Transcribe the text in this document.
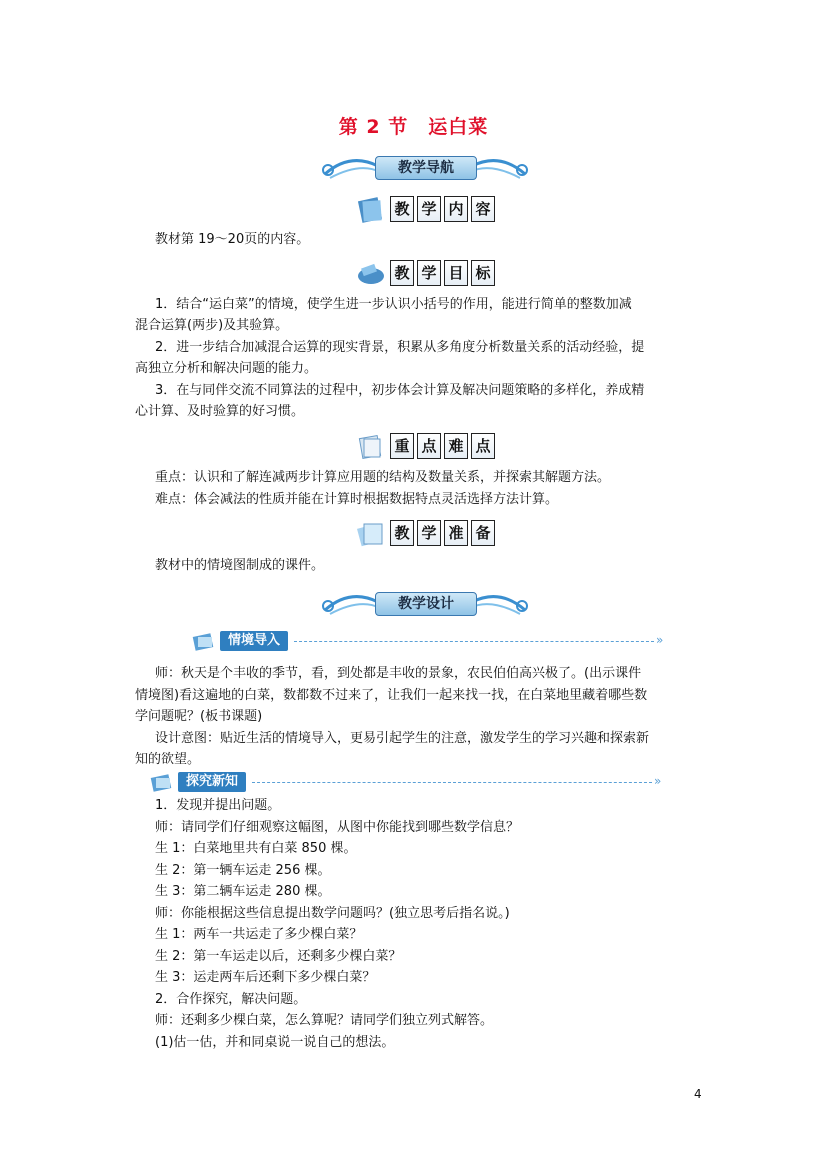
第 2 节　运白菜
教学导航
教 学 内 容
教材第 19～20页的内容。
教 学 目 标
1．结合“运白菜”的情境，使学生进一步认识小括号的作用，能进行简单的整数加减
混合运算(两步)及其验算。
2．进一步结合加减混合运算的现实背景，积累从多角度分析数量关系的活动经验，提
高独立分析和解决问题的能力。
3．在与同伴交流不同算法的过程中，初步体会计算及解决问题策略的多样化，养成精
心计算、及时验算的好习惯。
重 点 难 点
重点：认识和了解连减两步计算应用题的结构及数量关系，并探索其解题方法。
难点：体会减法的性质并能在计算时根据数据特点灵活选择方法计算。
教 学 准 备
教材中的情境图制成的课件。
教学设计
情境导入	»
师：秋天是个丰收的季节，看，到处都是丰收的景象，农民伯伯高兴极了。(出示课件
情境图)看这遍地的白菜，数都数不过来了，让我们一起来找一找，在白菜地里藏着哪些数
学问题呢？(板书课题)
设计意图：贴近生活的情境导入，更易引起学生的注意，激发学生的学习兴趣和探索新
知的欲望。
探究新知	»
1．发现并提出问题。
师：请同学们仔细观察这幅图，从图中你能找到哪些数学信息？
生 1：白菜地里共有白菜 850 棵。
生 2：第一辆车运走 256 棵。
生 3：第二辆车运走 280 棵。
师：你能根据这些信息提出数学问题吗？(独立思考后指名说。)
生 1：两车一共运走了多少棵白菜？
生 2：第一车运走以后，还剩多少棵白菜？
生 3：运走两车后还剩下多少棵白菜？
2．合作探究，解决问题。
师：还剩多少棵白菜，怎么算呢？请同学们独立列式解答。
(1)估一估，并和同桌说一说自己的想法。
4
